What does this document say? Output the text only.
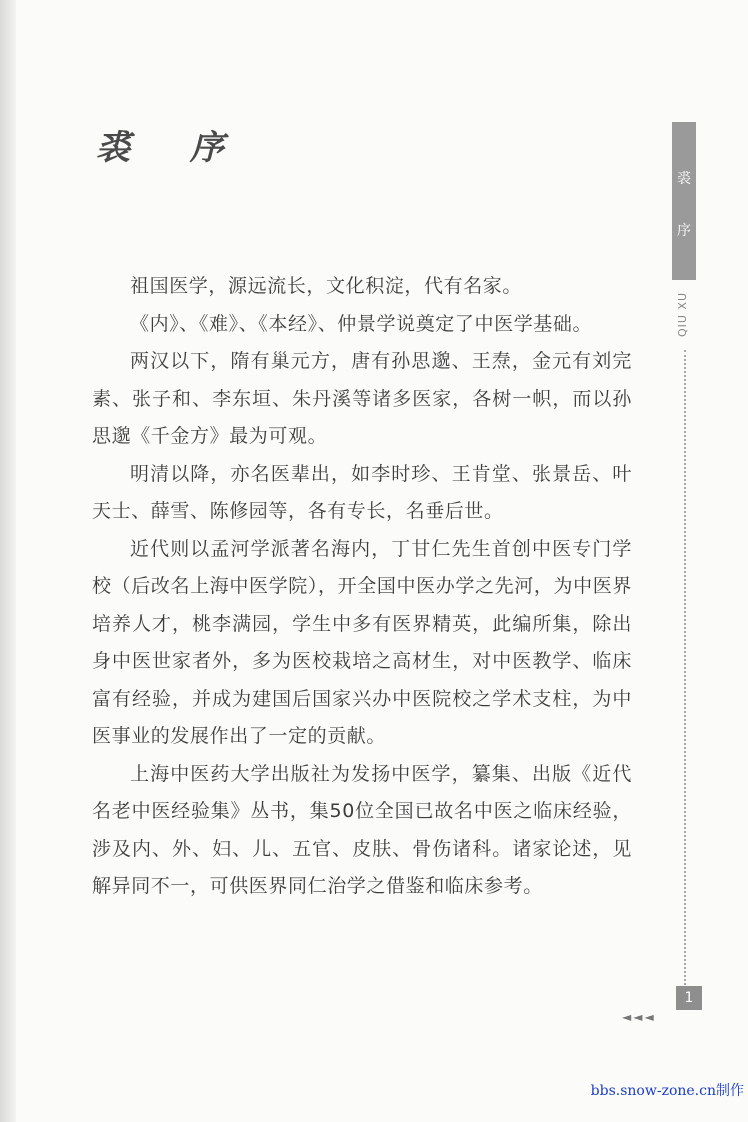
裘 序
裘
序
QIU XU

祖国医学，源远流长，文化积淀，代有名家。

《内》、《难》、《本经》、仲景学说奠定了中医学基础。

两汉以下，隋有巢元方，唐有孙思邈、王焘，金元有刘完素、张子和、李东垣、朱丹溪等诸多医家，各树一帜，而以孙思邈《千金方》最为可观。

明清以降，亦名医辈出，如李时珍、王肯堂、张景岳、叶天士、薛雪、陈修园等，各有专长，名垂后世。

近代则以孟河学派著名海内，丁甘仁先生首创中医专门学校（后改名上海中医学院），开全国中医办学之先河，为中医界培养人才，桃李满园，学生中多有医界精英，此编所集，除出身中医世家者外，多为医校栽培之高材生，对中医教学、临床富有经验，并成为建国后国家兴办中医院校之学术支柱，为中医事业的发展作出了一定的贡献。

上海中医药大学出版社为发扬中医学，纂集、出版《近代名老中医经验集》丛书，集50位全国已故名中医之临床经验，涉及内、外、妇、儿、五官、皮肤、骨伤诸科。诸家论述，见解异同不一，可供医界同仁治学之借鉴和临床参考。

1
◄◄◄
bbs.snow-zone.cn制作
